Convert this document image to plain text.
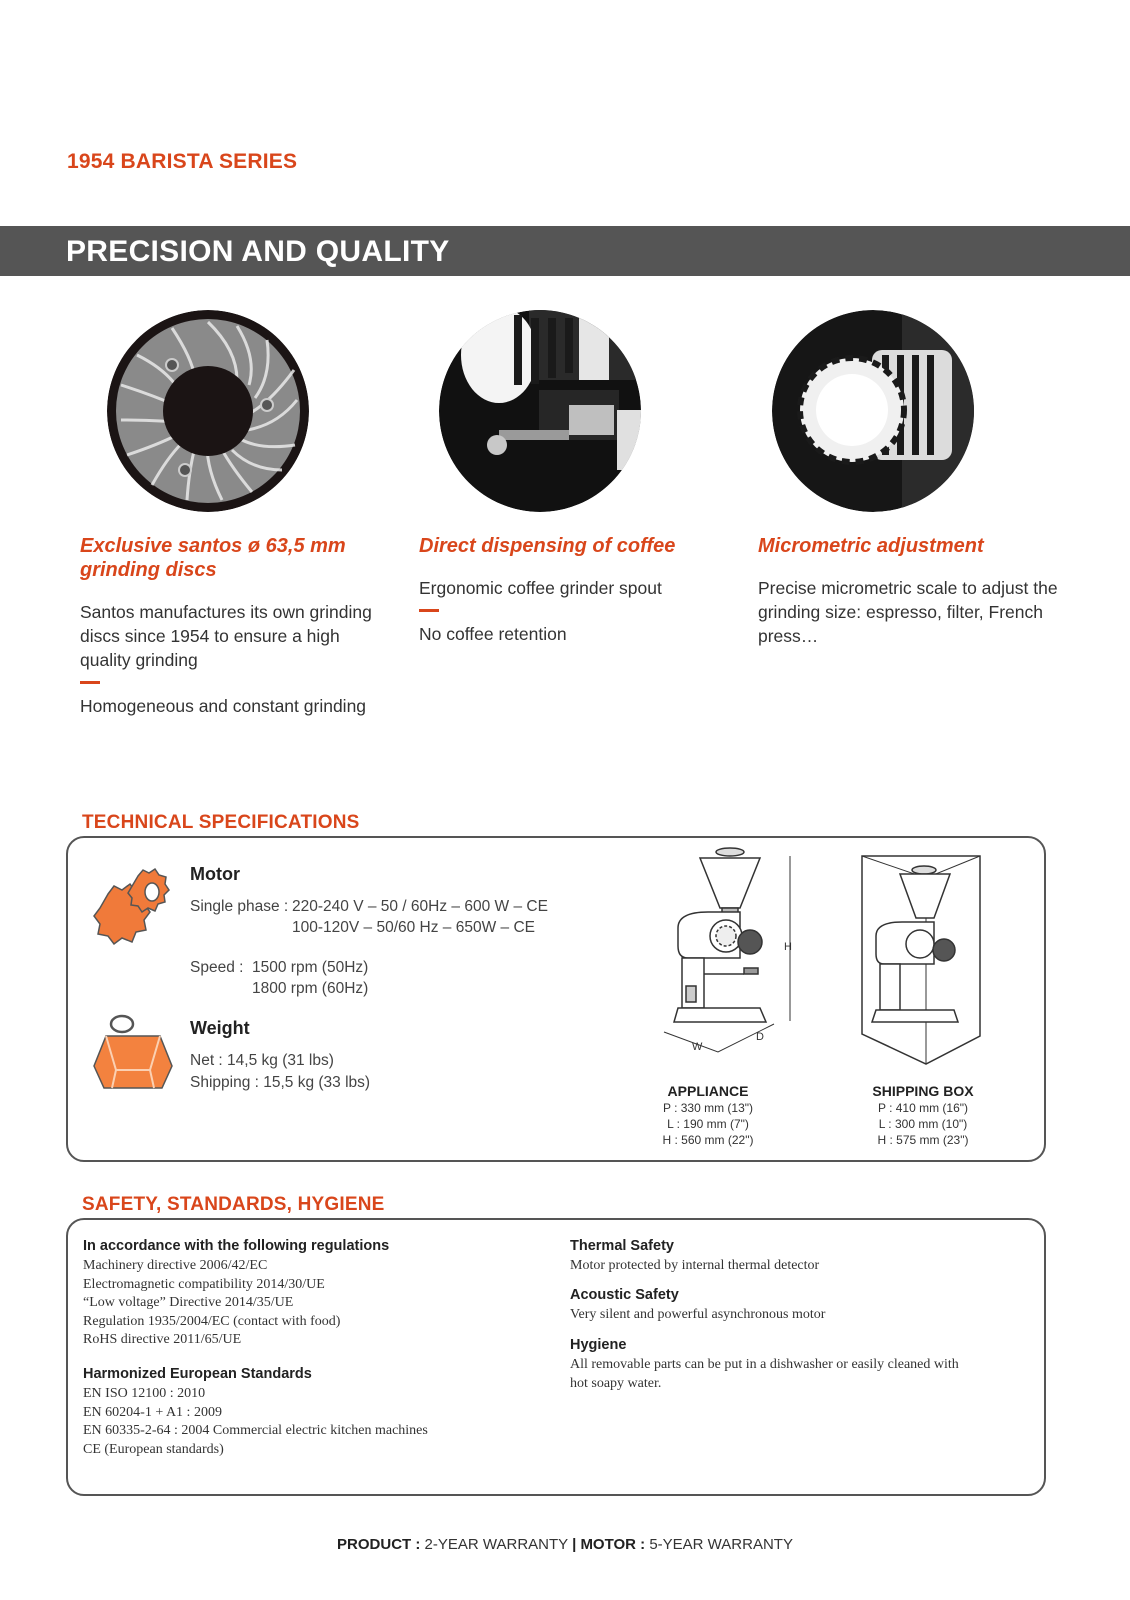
1954 BARISTA SERIES
PRECISION AND QUALITY
Exclusive santos ø 63,5 mm grinding discs

Santos manufactures its own grinding discs since 1954 to ensure a high quality grinding

Homogeneous and constant grinding

Direct dispensing of coffee

Ergonomic coffee grinder spout

No coffee retention

Micrometric adjustment

Precise micrometric scale to adjust the grinding size: espresso, filter, French press…

TECHNICAL SPECIFICATIONS
Motor
Single phase : 220-240 V – 50 / 60Hz – 600 W – CE
100-120V – 50/60 Hz – 650W – CE
Speed : 1500 rpm (50Hz)
1800 rpm (60Hz)
Weight
Net : 14,5 kg (31 lbs)
Shipping : 15,5 kg (33 lbs)
H
W
D
APPLIANCE
P : 330 mm (13")
L : 190 mm (7")
H : 560 mm (22")
SHIPPING BOX
P : 410 mm (16")
L : 300 mm (10")
H : 575 mm (23")
SAFETY, STANDARDS, HYGIENE
In accordance with the following regulations
Machinery directive 2006/42/EC
Electromagnetic compatibility 2014/30/UE
“Low voltage” Directive 2014/35/UE
Regulation 1935/2004/EC (contact with food)
RoHS directive 2011/65/UE
Harmonized European Standards
EN ISO 12100 : 2010
EN 60204-1 + A1 : 2009
EN 60335-2-64 : 2004 Commercial electric kitchen machines
CE (European standards)
Thermal Safety
Motor protected by internal thermal detector
Acoustic Safety
Very silent and powerful asynchronous motor
Hygiene
All removable parts can be put in a dishwasher or easily cleaned with hot soapy water.
PRODUCT : 2-YEAR WARRANTY | MOTOR : 5-YEAR WARRANTY
